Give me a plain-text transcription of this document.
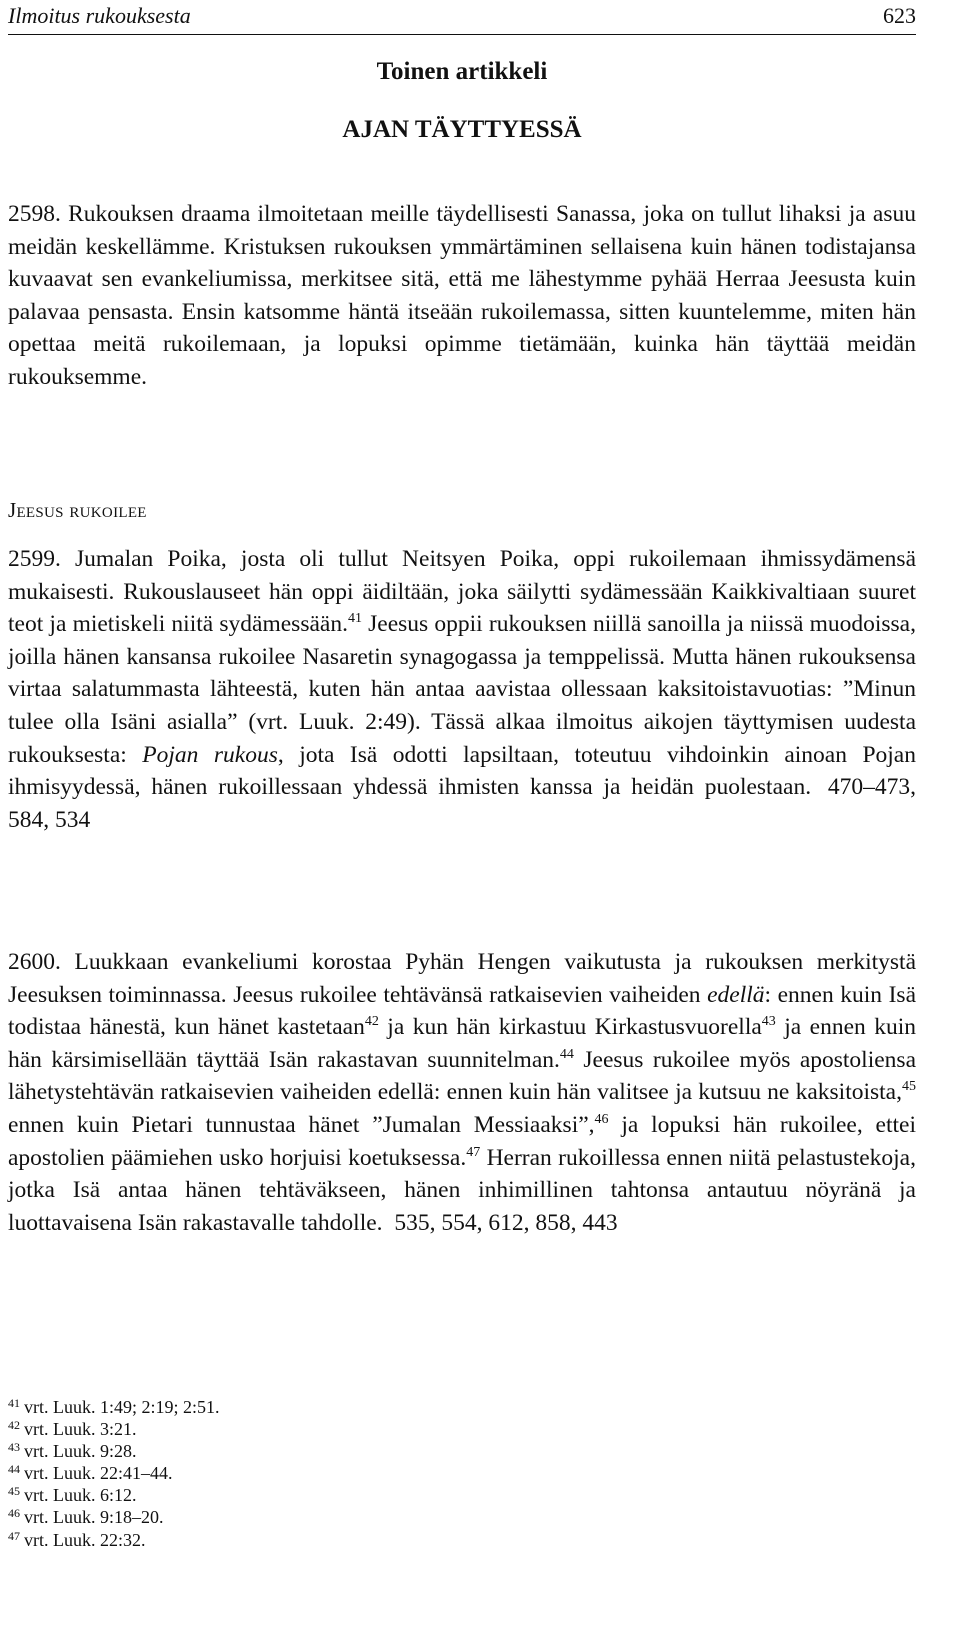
Ilmoitus rukouksesta	623
Toinen artikkeli
AJAN TÄYTTYESSÄ

2598. Rukouksen draama ilmoitetaan meille täydellisesti Sanassa, joka on tullut lihaksi ja asuu meidän keskellämme. Kristuksen rukouksen ymmärtäminen sellaisena kuin hänen todistajansa kuvaavat sen evankeliumissa, merkitsee sitä, että me lähestymme pyhää Herraa Jeesusta kuin palavaa pensasta. Ensin katsomme häntä itseään rukoilemassa, sitten kuuntelemme, miten hän opettaa meitä rukoilemaan, ja lopuksi opimme tietämään, kuinka hän täyttää meidän rukouksemme.

Jeesus rukoilee

2599. Jumalan Poika, josta oli tullut Neitsyen Poika, oppi rukoilemaan ihmissydämensä mukaisesti. Rukouslauseet hän oppi äidiltään, joka säilytti sydämessään Kaikkivaltiaan suuret teot ja mietiskeli niitä sydämessään.$^{41}$ Jeesus oppii rukouksen niillä sanoilla ja niissä muodoissa, joilla hänen kansansa rukoilee Nasaretin synagogassa ja temppelissä. Mutta hänen rukouksensa virtaa salatummasta lähteestä, kuten hän antaa aavistaa ollessaan kaksitoistavuotias: ”Minun tulee olla Isäni asialla” (vrt. Luuk. 2:49). Tässä alkaa ilmoitus aikojen täyttymisen uudesta rukouksesta: Pojan rukous, jota Isä odotti lapsiltaan, toteutuu vihdoinkin ainoan Pojan ihmisyydessä, hänen rukoillessaan yhdessä ihmisten kanssa ja heidän puolestaan. 470–473, 584, 534

2600. Luukkaan evankeliumi korostaa Pyhän Hengen vaikutusta ja rukouksen merkitystä Jeesuksen toiminnassa. Jeesus rukoilee tehtävänsä ratkaisevien vaiheiden edellä: ennen kuin Isä todistaa hänestä, kun hänet kastetaan$^{42}$ ja kun hän kirkastuu Kirkastusvuorella$^{43}$ ja ennen kuin hän kärsimisellään täyttää Isän rakastavan suunnitelman.$^{44}$ Jeesus rukoilee myös apostoliensa lähetystehtävän ratkaisevien vaiheiden edellä: ennen kuin hän valitsee ja kutsuu ne kaksitoista,$^{45}$ ennen kuin Pietari tunnustaa hänet ”Jumalan Messiaaksi”,$^{46}$ ja lopuksi hän rukoilee, ettei apostolien päämiehen usko horjuisi koetuksessa.$^{47}$ Herran rukoillessa ennen niitä pelastustekoja, jotka Isä antaa hänen tehtäväkseen, hänen inhimillinen tahtonsa antautuu nöyränä ja luottavaisena Isän rakastavalle tahdolle. 535, 554, 612, 858, 443

$^{41}$ vrt. Luuk. 1:49; 2:19; 2:51.
$^{42}$ vrt. Luuk. 3:21.
$^{43}$ vrt. Luuk. 9:28.
$^{44}$ vrt. Luuk. 22:41–44.
$^{45}$ vrt. Luuk. 6:12.
$^{46}$ vrt. Luuk. 9:18–20.
$^{47}$ vrt. Luuk. 22:32.
